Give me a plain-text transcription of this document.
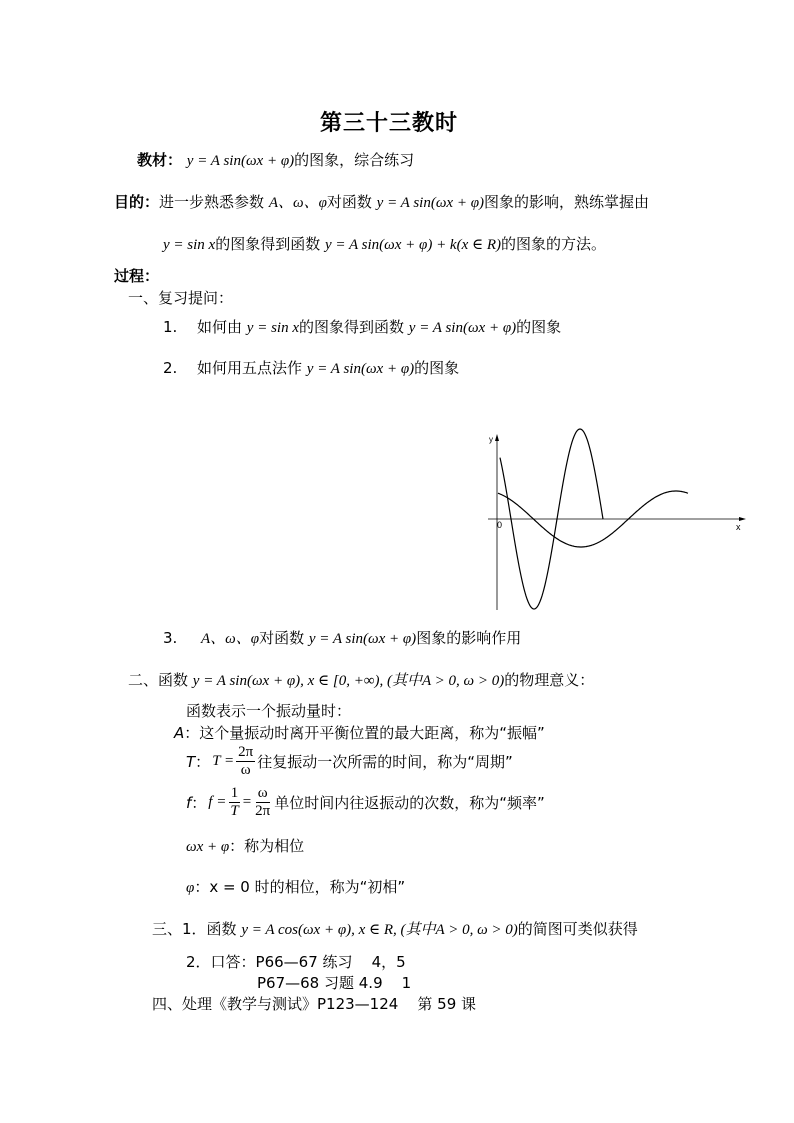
第三十三教时
教材： y = A sin(ωx + φ)的图象，综合练习
目的：进一步熟悉参数 A、ω、φ对函数 y = A sin(ωx + φ)图象的影响，熟练掌握由
y = sin x的图象得到函数 y = A sin(ωx + φ) + k(x ∈ R)的图象的方法。
过程：
一、复习提问：
1. 如何由 y = sin x的图象得到函数 y = A sin(ωx + φ)的图象
2. 如何用五点法作 y = A sin(ωx + φ)的图象
y
x
0
3. A、ω、φ对函数 y = A sin(ωx + φ)图象的影响作用
二、函数 y = A sin(ωx + φ), x ∈ [0, +∞), (其中A > 0, ω > 0)的物理意义：
函数表示一个振动量时：
A：这个量振动时离开平衡位置的最大距离，称为“振幅”
T ： $T = \frac{2\pi}{\omega}$ 往复振动一次所需的时间，称为“周期”
f ： $f = \frac{1}{T} = \frac{\omega}{2\pi}$ 单位时间内往返振动的次数，称为“频率”
ωx + φ：称为相位
φ：x = 0 时的相位，称为“初相”
三、1．函数 y = A cos(ωx + φ), x ∈ R, (其中A > 0, ω > 0)的简图可类似获得
2．口答：P66—67 练习    4，5
P67—68 习题 4.9    1
四、处理《教学与测试》P123—124    第 59 课
